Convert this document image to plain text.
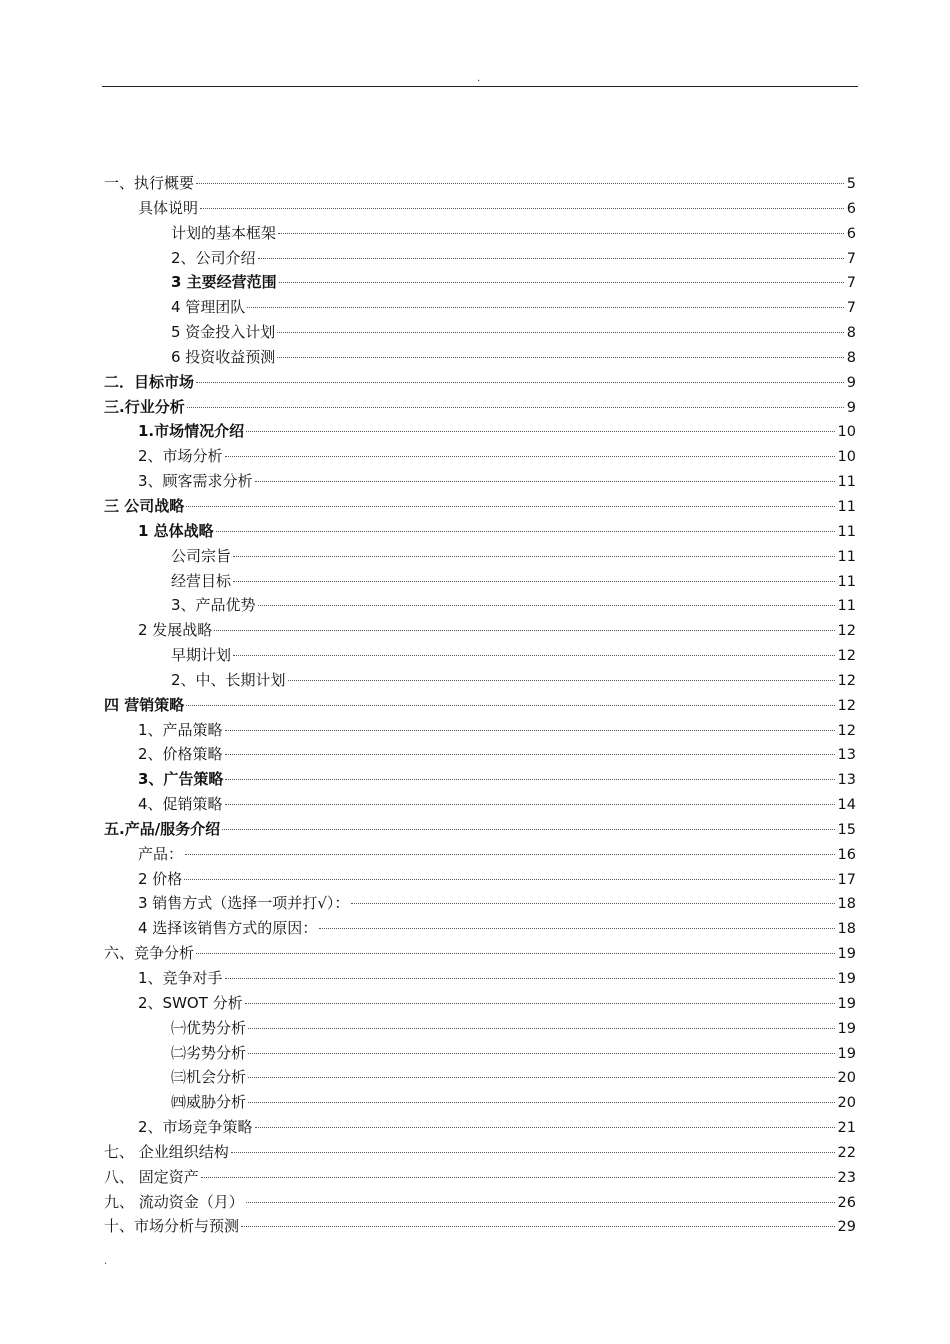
.
一、执行概要	5
具体说明	6
计划的基本框架	6
2、公司介绍	7
3 主要经营范围	7
4 管理团队	7
5 资金投入计划	8
6 投资收益预测	8
二．目标市场	9
三.行业分析	9
1.市场情况介绍	10
2、市场分析	10
3、顾客需求分析	11
三 公司战略	11
1 总体战略	11
公司宗旨	11
经营目标	11
3、产品优势	11
2 发展战略	12
早期计划	12
2、中、长期计划	12
四 营销策略	12
1、产品策略	12
2、价格策略	13
3、广告策略	13
4、促销策略	14
五.产品/服务介绍	15
产品：	16
2 价格	17
3 销售方式（选择一项并打√）：	18
4 选择该销售方式的原因：	18
六、竞争分析	19
1、竞争对手	19
2、SWOT 分析	19
㈠优势分析	19
㈡劣势分析	19
㈢机会分析	20
㈣威胁分析	20
2、市场竞争策略	21
七、 企业组织结构	22
八、 固定资产	23
九、 流动资金（月）	26
十、市场分析与预测	29
.
